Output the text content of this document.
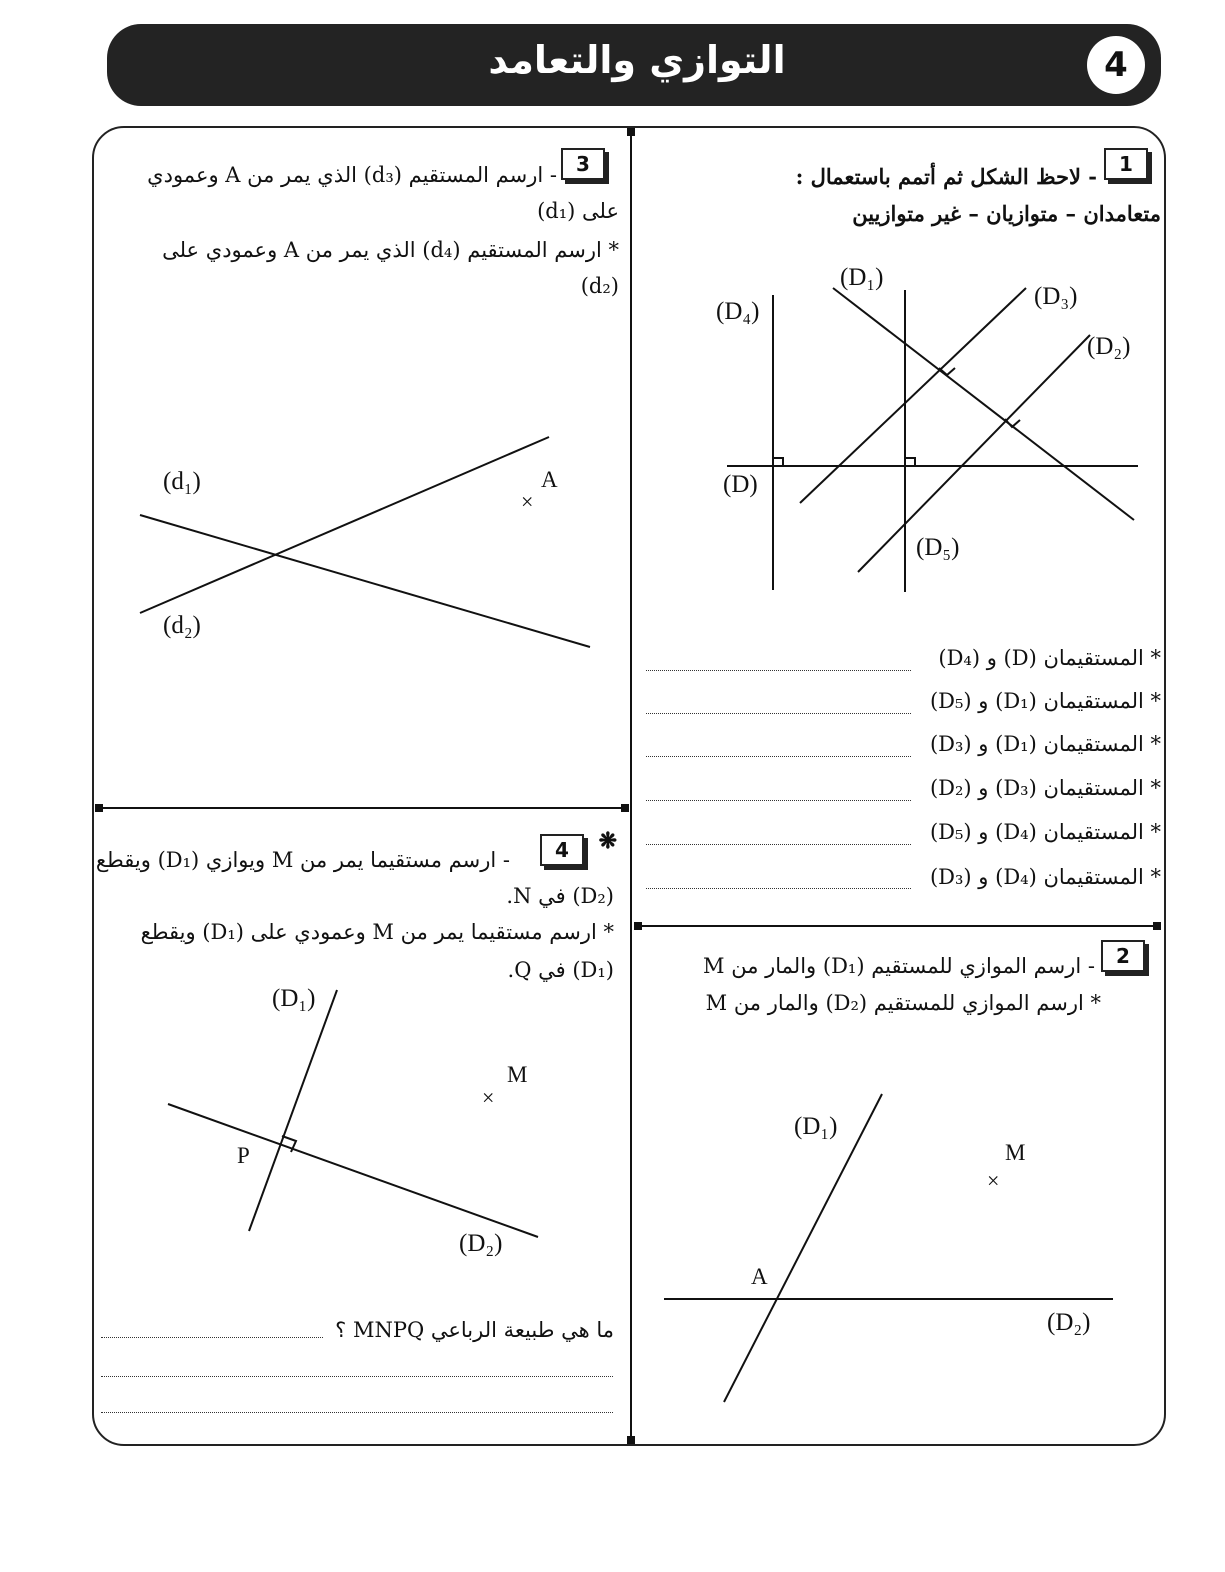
التوازي والتعامد	4
1
- لاحظ الشكل ثم أتمم باستعمال :
متعامدان – متوازيان – غير متوازيين
(D₁)
(D₃)
(D₄)
(D₂)
(D)
(D₅)
* المستقيمان (D) و (D₄)
* المستقيمان (D₁) و (D₅)
* المستقيمان (D₁) و (D₃)
* المستقيمان (D₃) و (D₂)
* المستقيمان (D₄) و (D₅)
* المستقيمان (D₄) و (D₃)
2
- ارسم الموازي للمستقيم (D₁) والمار من M
* ارسم الموازي للمستقيم (D₂) والمار من M
(D₁)
M
×
A
(D₂)
3
- ارسم المستقيم (d₃) الذي يمر من A وعمودي
على (d₁)
* ارسم المستقيم (d₄) الذي يمر من A وعمودي على
(d₂)
(d₁)	A
×
(d₂)
❋
4
- ارسم مستقيما يمر من M ويوازي (D₁) ويقطع
(D₂) في N.
* ارسم مستقيما يمر من M وعمودي على (D₁) ويقطع
(D₁) في Q.
(D₁)
M
×
P
(D₂)
ما هي طبيعة الرباعي MNPQ ؟
